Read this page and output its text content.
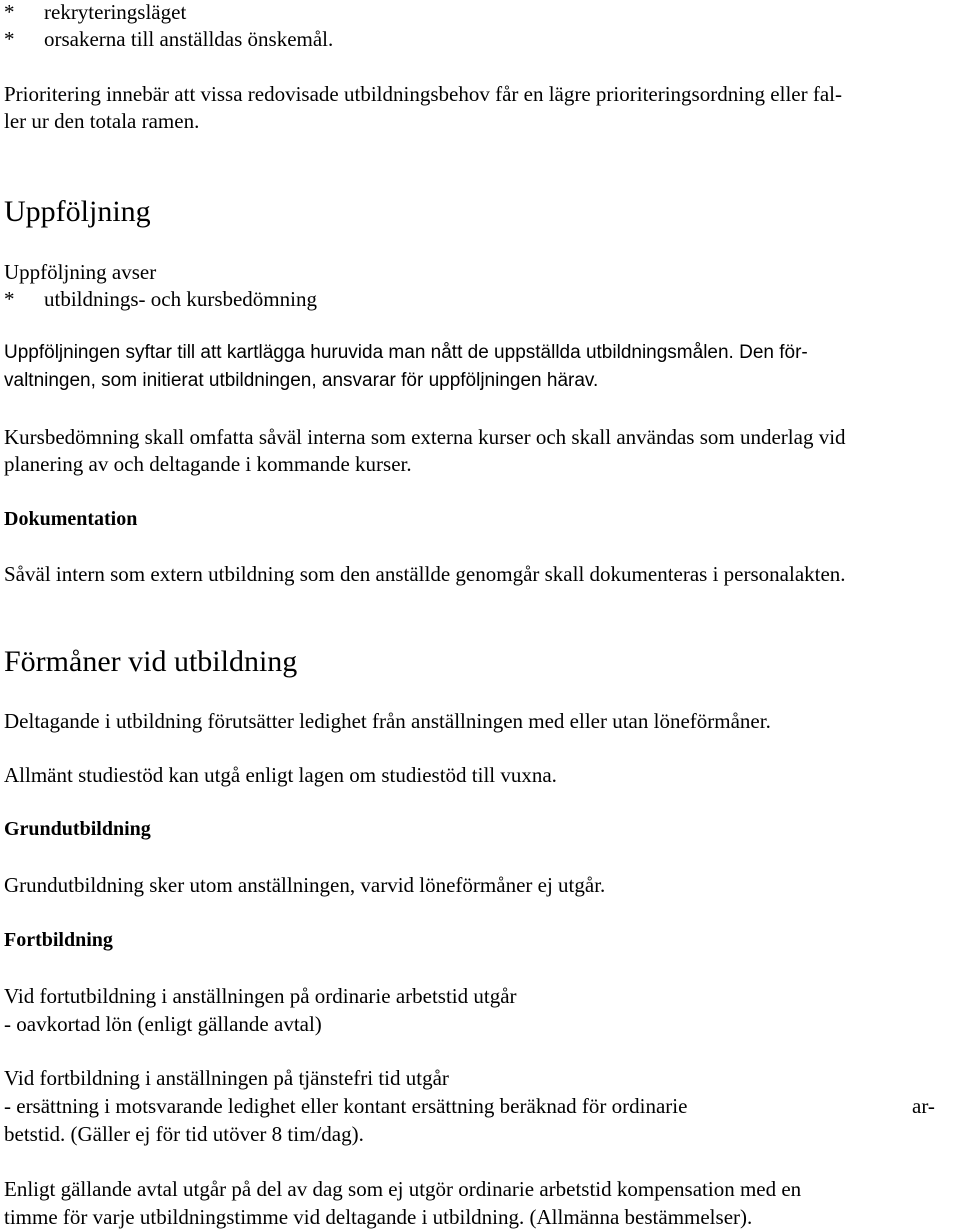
* rekryteringsläget
* orsakerna till anställdas önskemål.
Prioritering innebär att vissa redovisade utbildningsbehov får en lägre prioriteringsordning eller fal-
ler ur den totala ramen.
Uppföljning
Uppföljning avser
* utbildnings- och kursbedömning
Uppföljningen syftar till att kartlägga huruvida man nått de uppställda utbildningsmålen. Den för-
valtningen, som initierat utbildningen, ansvarar för uppföljningen härav.
Kursbedömning skall omfatta såväl interna som externa kurser och skall användas som underlag vid
planering av och deltagande i kommande kurser.
Dokumentation
Såväl intern som extern utbildning som den anställde genomgår skall dokumenteras i personalakten.
Förmåner vid utbildning
Deltagande i utbildning förutsätter ledighet från anställningen med eller utan löneförmåner.
Allmänt studiestöd kan utgå enligt lagen om studiestöd till vuxna.
Grundutbildning
Grundutbildning sker utom anställningen, varvid löneförmåner ej utgår.
Fortbildning
Vid fortutbildning i anställningen på ordinarie arbetstid utgår
- oavkortad lön (enligt gällande avtal)
Vid fortbildning i anställningen på tjänstefri tid utgår
- ersättning i motsvarande ledighet eller kontant ersättning beräknad för ordinarie	ar-
betstid. (Gäller ej för tid utöver 8 tim/dag).
Enligt gällande avtal utgår på del av dag som ej utgör ordinarie arbetstid kompensation med en
timme för varje utbildningstimme vid deltagande i utbildning. (Allmänna bestämmelser).
